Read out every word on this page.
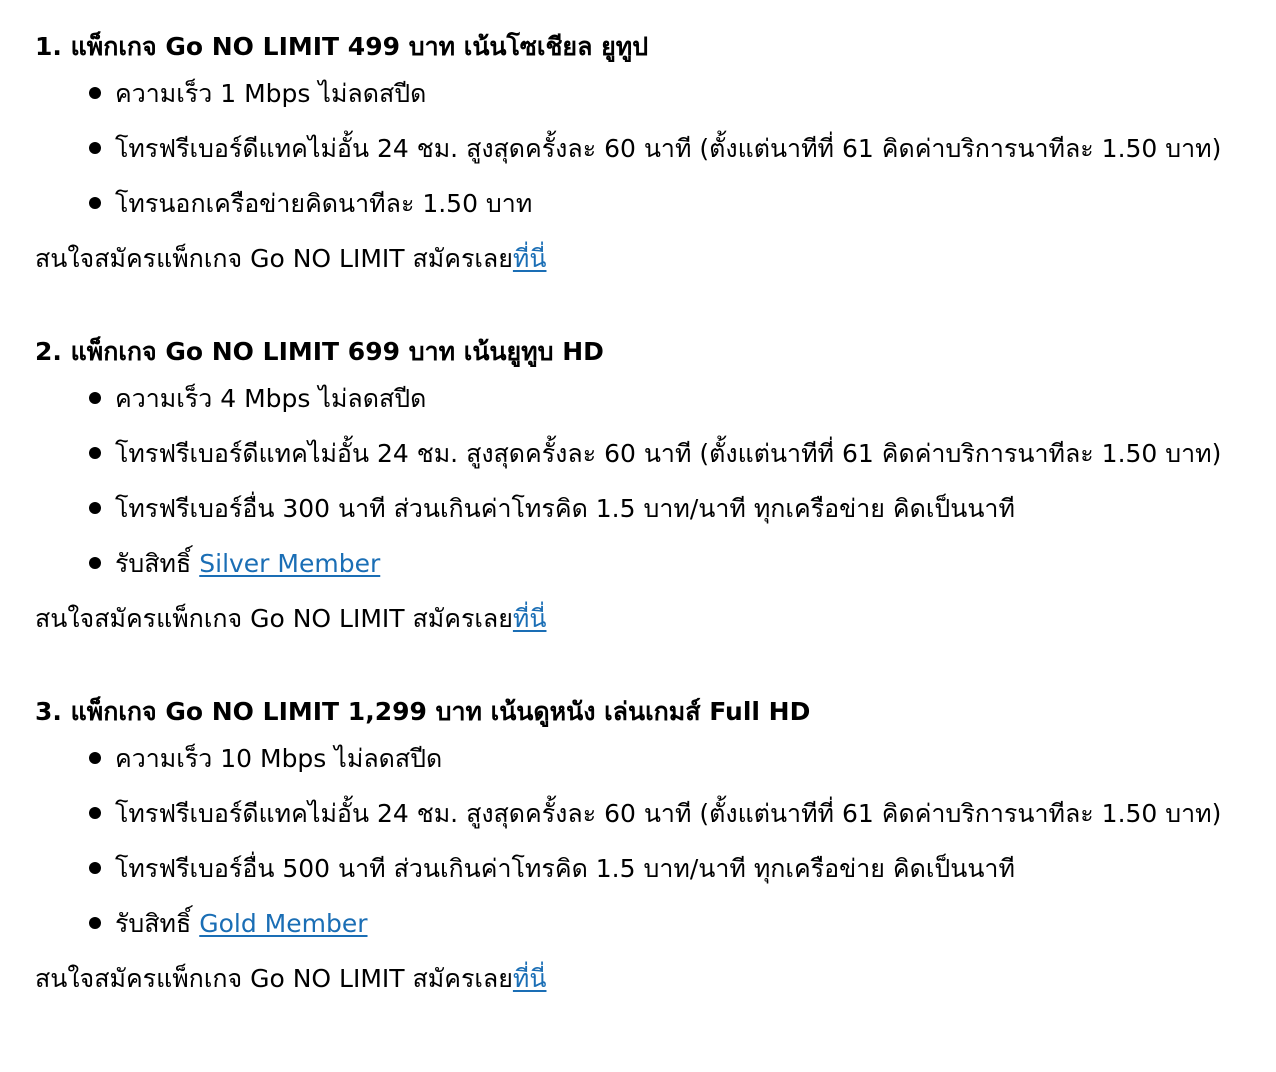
1. แพ็กเกจ Go NO LIMIT 499 บาท เน้นโซเชียล ยูทูป

ความเร็ว 1 Mbps ไม่ลดสปีด
โทรฟรีเบอร์ดีแทคไม่อั้น 24 ชม. สูงสุดครั้งละ 60 นาที (ตั้งแต่นาทีที่ 61 คิดค่าบริการนาทีละ 1.50 บาท)
โทรนอกเครือข่ายคิดนาทีละ 1.50 บาท

สนใจสมัครแพ็กเกจ Go NO LIMIT สมัครเลยที่นี่

2. แพ็กเกจ Go NO LIMIT 699 บาท เน้นยูทูบ HD

ความเร็ว 4 Mbps ไม่ลดสปีด
โทรฟรีเบอร์ดีแทคไม่อั้น 24 ชม. สูงสุดครั้งละ 60 นาที (ตั้งแต่นาทีที่ 61 คิดค่าบริการนาทีละ 1.50 บาท)
โทรฟรีเบอร์อื่น 300 นาที ส่วนเกินค่าโทรคิด 1.5 บาท/นาที ทุกเครือข่าย คิดเป็นนาที
รับสิทธิ์ Silver Member

สนใจสมัครแพ็กเกจ Go NO LIMIT สมัครเลยที่นี่

3. แพ็กเกจ Go NO LIMIT 1,299 บาท เน้นดูหนัง เล่นเกมส์ Full HD

ความเร็ว 10 Mbps ไม่ลดสปีด
โทรฟรีเบอร์ดีแทคไม่อั้น 24 ชม. สูงสุดครั้งละ 60 นาที (ตั้งแต่นาทีที่ 61 คิดค่าบริการนาทีละ 1.50 บาท)
โทรฟรีเบอร์อื่น 500 นาที ส่วนเกินค่าโทรคิด 1.5 บาท/นาที ทุกเครือข่าย คิดเป็นนาที
รับสิทธิ์ Gold Member

สนใจสมัครแพ็กเกจ Go NO LIMIT สมัครเลยที่นี่
